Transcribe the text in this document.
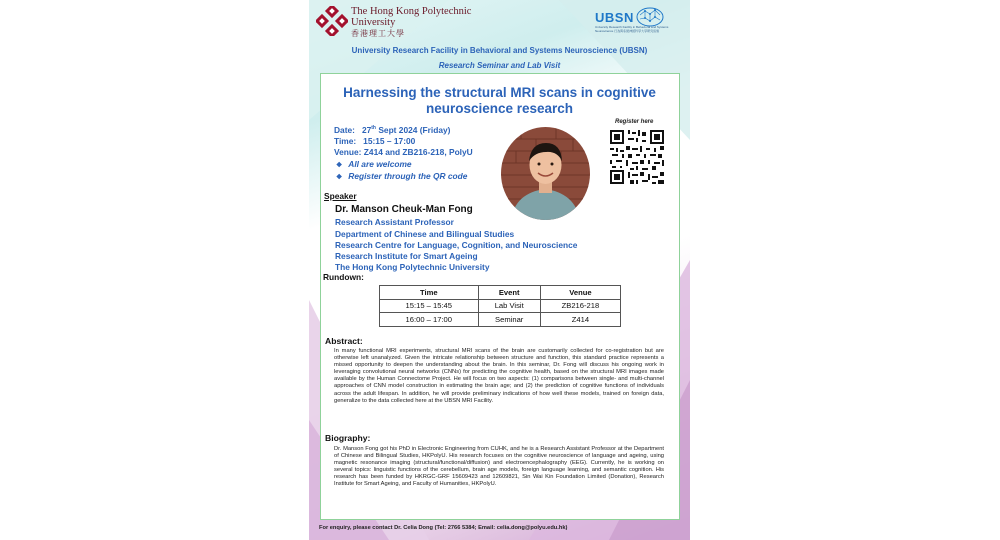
The Hong Kong Polytechnic University
香港理工大學
UBSN
University Research Facility in Behavioral and Systems Neuroscience 行為與系統神經科學大學研究設施
University Research Facility in Behavioral and Systems Neuroscience (UBSN)
Research Seminar and Lab Visit
Harnessing the structural MRI scans in cognitive neuroscience research
Date: 27th Sept 2024 (Friday)
Time: 15:15 – 17:00
Venue: Z414 and ZB216-218, PolyU
❖ All are welcome
❖ Register through the QR code
Register here
Speaker
Dr. Manson Cheuk-Man Fong
Research Assistant Professor
Department of Chinese and Bilingual Studies
Research Centre for Language, Cognition, and Neuroscience
Research Institute for Smart Ageing
The Hong Kong Polytechnic University
Rundown:
Time	Event	Venue
15:15 – 15:45	Lab Visit	ZB216-218
16:00 – 17:00	Seminar	Z414
Abstract:
In many functional MRI experiments, structural MRI scans of the brain are customarily collected for co-registration but are otherwise left unanalyzed. Given the intricate relationship between structure and function, this standard practice represents a missed opportunity to deepen the understanding about the brain. In this seminar, Dr. Fong will discuss his ongoing work in leveraging convolutional neural networks (CNNs) for predicting the cognitive health, based on the structural MRI images made available by the Human Connectome Project. He will focus on two aspects: (1) comparisons between single- and multi-channel approaches of CNN model construction in estimating the brain age; and (2) the prediction of cognitive functions of individuals across the adult lifespan. In addition, he will provide preliminary indications of how well these models, trained on foreign data, generalize to the data collected here at the UBSN MRI Facility.
Biography:
Dr. Manson Fong got his PhD in Electronic Engineering from CUHK, and he is a Research Assistant Professor at the Department of Chinese and Bilingual Studies, HKPolyU. His research focuses on the cognitive neuroscience of language and ageing, using magnetic resonance imaging (structural/functional/diffusion) and electroencephalography (EEG). Currently, he is working on several topics: linguistic functions of the cerebellum, brain age models, foreign language learning, and semantic cognition. His research has been funded by HKRGC-GRF 15609423 and 12609821, Sin Wai Kin Foundation Limited (Donation), Research Institute for Smart Ageing, and Faculty of Humanities, HKPolyU.
For enquiry, please contact Dr. Celia Dong (Tel: 2766 5384; Email: celia.dong@polyu.edu.hk)
